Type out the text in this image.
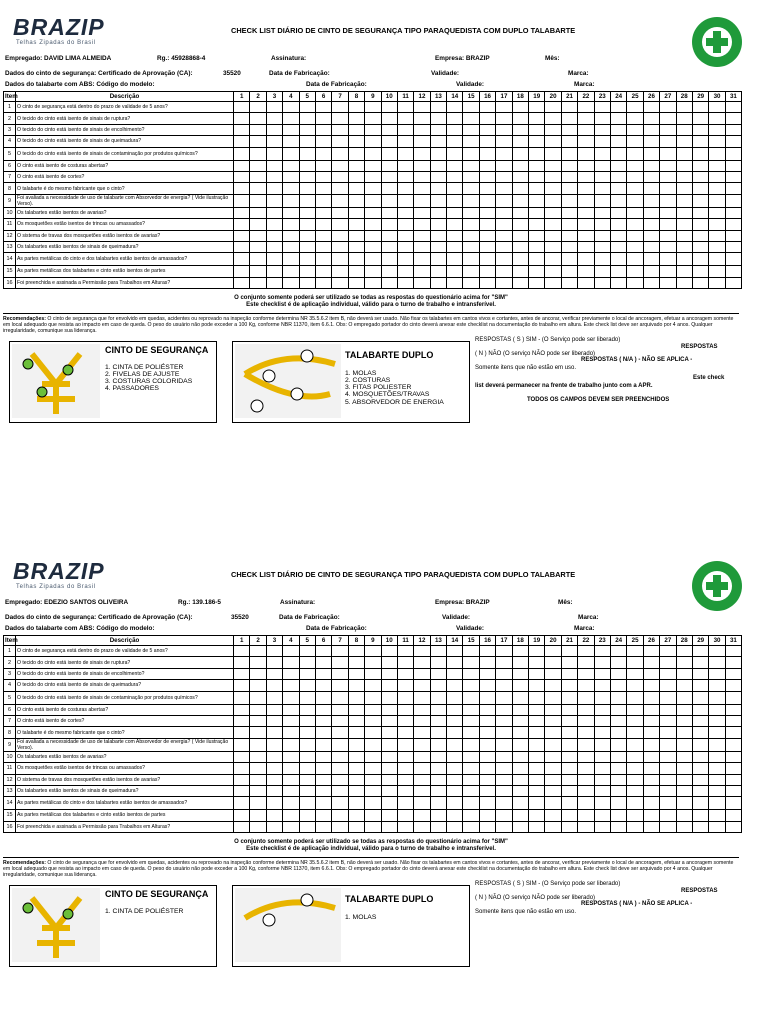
BRAZIP
Telhas Zipadas do Brasil
CHECK LIST DIÁRIO DE CINTO DE SEGURANÇA TIPO PARAQUEDISTA COM DUPLO TALABARTE
Empregado: DAVID LIMA ALMEIDA	Rg.: 45928868-4	Assinatura:	Empresa: BRAZIP	Mês:
Dados do cinto de segurança: Certificado de Aprovação (CA):	35520	Data de Fabricação:	Validade:	Marca:
Dados do talabarte com ABS: Código do modelo:	Data de Fabricação:	Validade:	Marca:
Item	Descrição	1	2	3	4	5	6	7	8	9	10	11	12	13	14	15	16	17	18	19	20	21	22	23	24	25	26	27	28	29	30	31
1	O cinto de segurança está dentro do prazo de validade de 5 anos?																															
2	O tecido do cinto está isento de sinais de ruptura?																															
3	O tecido do cinto está isento de sinais de encolhimento?																															
4	O tecido do cinto está isento de sinais de queimadura?																															
5	O tecido do cinto está isento de sinais de contaminação por produtos químicos?																															
6	O cinto está isento de costuras abertas?																															
7	O cinto está isento de cortes?																															
8	O talabarte é do mesmo fabricante que o cinto?																															
9	Foi avaliada a necessidade de uso de talabarte com Absorvedor de energia? ( Vide ilustração Verso).																															
10	Os talabartes estão isentos de avarias?																															
11	Os mosquetões estão isentos de trincas ou amassados?																															
12	O sistema de travas dos mosquetões estão isentos de avarias?																															
13	Os talabartes estão isentos de sinais de queimadura?																															
14	As partes metálicas do cinto e dos talabartes estão isentos de amassados?																															
15	As partes metálicas dos talabartes e cinto estão isentos de partes																															
16	Foi preenchida e assinada a Permissão para Trabalhos em Alturas?																															
O conjunto somente poderá ser utilizado se todas as respostas do questionário acima for "SIM"
Este checklist é de aplicação individual, válido para o turno de trabalho e intransferível.
Recomendações: O cinto de segurança que for envolvido em quedas, acidentes ou reprovado na inspeção conforme determina NR 35.5.6.2 item B, não deverá ser usado. Não fixar os talabartes em cantos vivos e cortantes, antes de ancorar, verificar previamente o local de ancoragem, efetuar a ancoragem somente em local adequado que resista ao impacto em caso de queda. O peso do usuário não pode exceder a 100 Kg, conforme NBR 11370, item 6.6.1. Obs: O empregado portador do cinto deverá anexar este checklist na documentação do trabalho em altura. Este check list deve ser arquivado por 4 anos. Qualquer irregularidade, comunique sua liderança.
CINTO DE SEGURANÇA
1. CINTA DE POLIÉSTER
2. FIVELAS DE AJUSTE
3. COSTURAS COLORIDAS
4. PASSADORES
TALABARTE DUPLO
1. MOLAS
2. COSTURAS
3. FITAS POLIESTER
4. MOSQUETÕES/TRAVAS
5. ABSORVEDOR DE ENERGIA
RESPOSTAS ( S ) SIM - (O Serviço pode ser liberado)
RESPOSTAS
( N ) NÃO (O serviço NÃO pode ser liberado)
RESPOSTAS ( N/A ) - NÃO SE APLICA -
Somente itens que não estão em uso.
Este check
list deverá permanecer na frente de trabalho junto com a APR.
TODOS OS CAMPOS DEVEM SER PREENCHIDOS
BRAZIP
Telhas Zipadas do Brasil
CHECK LIST DIÁRIO DE CINTO DE SEGURANÇA TIPO PARAQUEDISTA COM DUPLO TALABARTE
Empregado: EDEZIO SANTOS OLIVEIRA	Rg.: 139.186-5	Assinatura:	Empresa: BRAZIP	Mês:
Dados do cinto de segurança: Certificado de Aprovação (CA):	35520	Data de Fabricação:	Validade:	Marca:
Dados do talabarte com ABS: Código do modelo:	Data de Fabricação:	Validade:	Marca:
Item	Descrição	1	2	3	4	5	6	7	8	9	10	11	12	13	14	15	16	17	18	19	20	21	22	23	24	25	26	27	28	29	30	31
1	O cinto de segurança está dentro do prazo de validade de 5 anos?																															
2	O tecido do cinto está isento de sinais de ruptura?																															
3	O tecido do cinto está isento de sinais de encolhimento?																															
4	O tecido do cinto está isento de sinais de queimadura?																															
5	O tecido do cinto está isento de sinais de contaminação por produtos químicos?																															
6	O cinto está isento de costuras abertas?																															
7	O cinto está isento de cortes?																															
8	O talabarte é do mesmo fabricante que o cinto?																															
9	Foi avaliada a necessidade de uso de talabarte com Absorvedor de energia? ( Vide ilustração Verso).																															
10	Os talabartes estão isentos de avarias?																															
11	Os mosquetões estão isentos de trincas ou amassados?																															
12	O sistema de travas dos mosquetões estão isentos de avarias?																															
13	Os talabartes estão isentos de sinais de queimadura?																															
14	As partes metálicas do cinto e dos talabartes estão isentos de amassados?																															
15	As partes metálicas dos talabartes e cinto estão isentos de partes																															
16	Foi preenchida e assinada a Permissão para Trabalhos em Alturas?																															
O conjunto somente poderá ser utilizado se todas as respostas do questionário acima for "SIM"
Este checklist é de aplicação individual, válido para o turno de trabalho e intransferível.
Recomendações: O cinto de segurança que for envolvido em quedas, acidentes ou reprovado na inspeção conforme determina NR 35.5.6.2 item B, não deverá ser usado. Não fixar os talabartes em cantos vivos e cortantes, antes de ancorar, verificar previamente o local de ancoragem, efetuar a ancoragem somente em local adequado que resista ao impacto em caso de queda. O peso do usuário não pode exceder a 100 Kg, conforme NBR 11370, item 6.6.1. Obs: O empregado portador do cinto deverá anexar este checklist na documentação do trabalho em altura. Este check list deve ser arquivado por 4 anos. Qualquer irregularidade, comunique sua liderança.
CINTO DE SEGURANÇA
1. CINTA DE POLIÉSTER
TALABARTE DUPLO
1. MOLAS
RESPOSTAS ( S ) SIM - (O Serviço pode ser liberado)
RESPOSTAS
( N ) NÃO (O serviço NÃO pode ser liberado)
RESPOSTAS ( N/A ) - NÃO SE APLICA -
Somente itens que não estão em uso.
